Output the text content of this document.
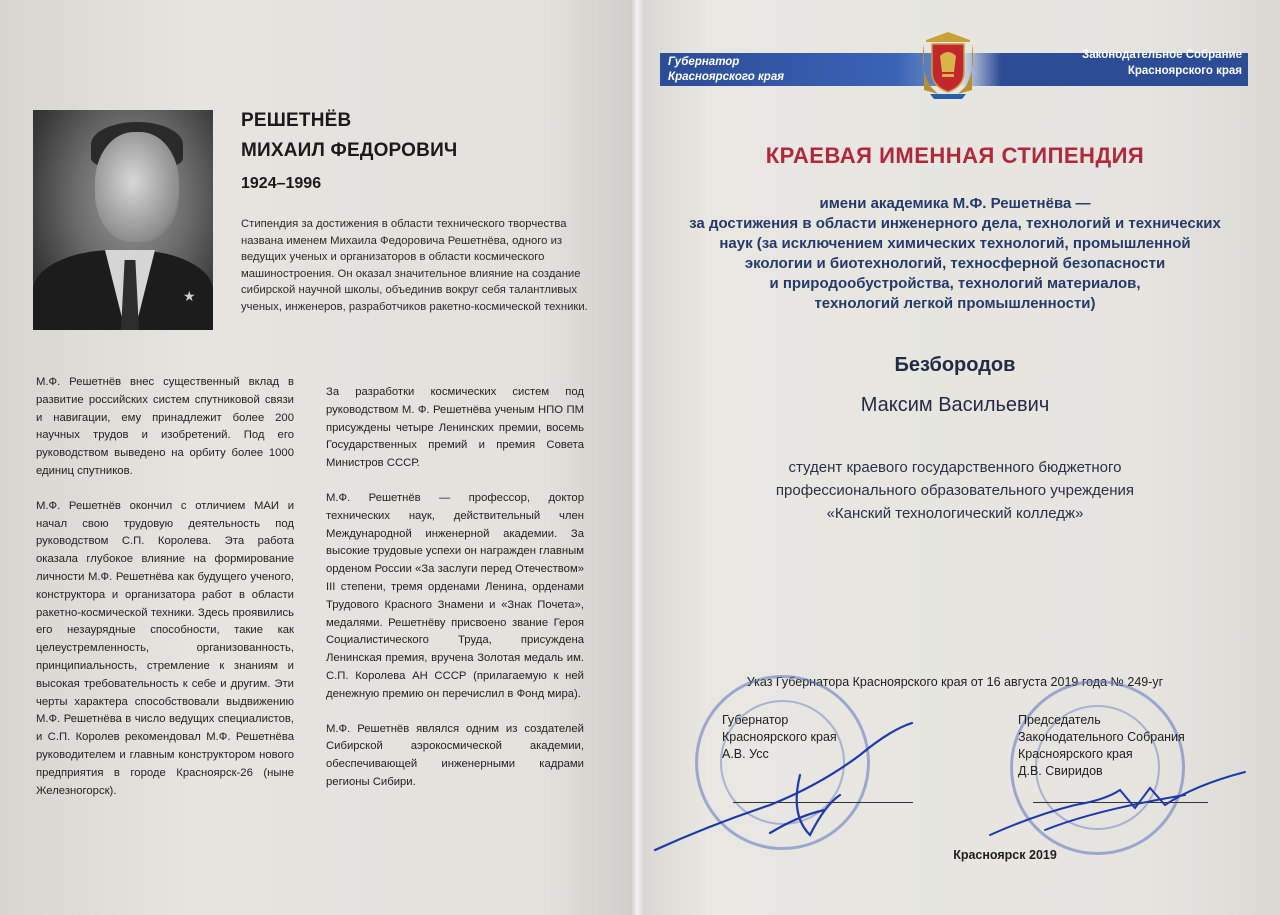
★
РЕШЕТНЁВ
МИХАИЛ ФЕДОРОВИЧ
1924–1996
Стипендия за достижения в области технического творчества названа именем Михаила Федоровича Решетнёва, одного из ведущих ученых и организаторов в области космического машиностроения. Он оказал значительное влияние на создание сибирской научной школы, объединив вокруг себя талантливых ученых, инженеров, разработчиков ракетно-космической техники.

М.Ф. Решетнёв внес существенный вклад в развитие российских систем спутниковой связи и навигации, ему принадлежит более 200 научных трудов и изобретений. Под его руководством выведено на орбиту более 1000 единиц спутников.

М.Ф. Решетнёв окончил с отличием МАИ и начал свою трудовую деятельность под руководством С.П. Королева. Эта работа оказала глубокое влияние на формирование личности М.Ф. Решетнёва как будущего ученого, конструктора и организатора работ в области ракетно-космической техники. Здесь проявились его незаурядные способности, такие как целеустремленность, организованность, принципиальность, стремление к знаниям и высокая требовательность к себе и другим. Эти черты характера способствовали выдвижению М.Ф. Решетнёва в число ведущих специалистов, и С.П. Королев рекомендовал М.Ф. Решетнёва руководителем и главным конструктором нового предприятия в городе Красноярск-26 (ныне Железногорск).

За разработки космических систем под руководством М. Ф. Решетнёва ученым НПО ПМ присуждены четыре Ленинских премии, восемь Государственных премий и премия Совета Министров СССР.

М.Ф. Решетнёв — профессор, доктор технических наук, действительный член Международной инженерной академии. За высокие трудовые успехи он награжден главным орденом России «За заслуги перед Отечеством» III степени, тремя орденами Ленина, орденами Трудового Красного Знамени и «Знак Почета», медалями. Решетнёву присвоено звание Героя Социалистического Труда, присуждена Ленинская премия, вручена Золотая медаль им. С.П. Королева АН СССР (прилагаемую к ней денежную премию он перечислил в Фонд мира).

М.Ф. Решетнёв являлся одним из создателей Сибирской аэрокосмической академии, обеспечивающей инженерными кадрами регионы Сибири.

Губернатор
Красноярского края
Законодательное Собрание
Красноярского края
КРАЕВАЯ ИМЕННАЯ СТИПЕНДИЯ
имени академика М.Ф. Решетнёва —
за достижения в области инженерного дела, технологий и технических
наук (за исключением химических технологий, промышленной
экологии и биотехнологий, техносферной безопасности
и природообустройства, технологий материалов,
технологий легкой промышленности)
Безбородов
Максим Васильевич
студент краевого государственного бюджетного
профессионального образовательного учреждения
«Канский технологический колледж»
Указ Губернатора Красноярского края от 16 августа 2019 года № 249-уг
Губернатор
Красноярского края
А.В. Усс
Председатель
Законодательного Собрания
Красноярского края
Д.В. Свиридов
Красноярск 2019
